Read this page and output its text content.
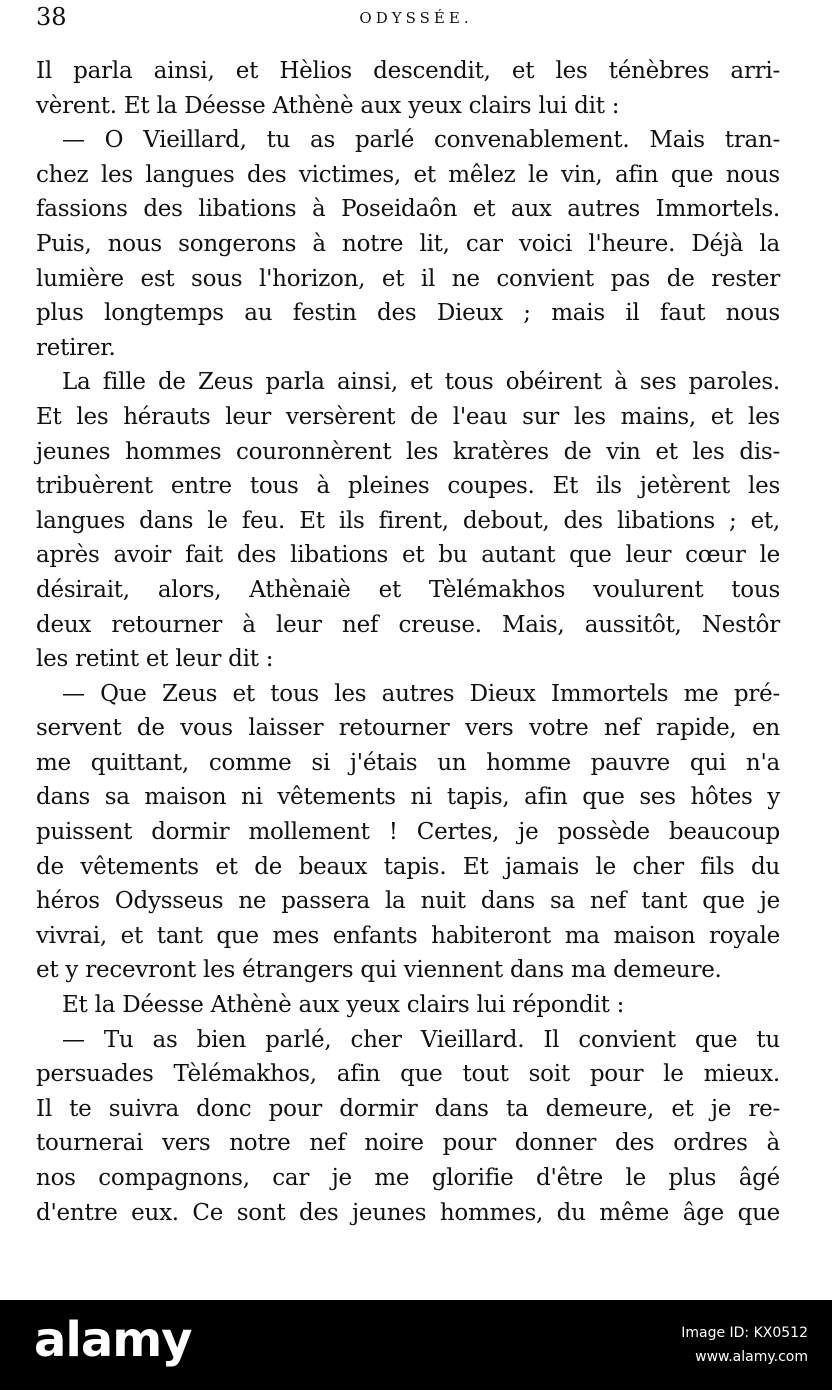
38	ODYSSÉE.
Il parla ainsi, et Hèlios descendit, et les ténèbres arri-
vèrent. Et la Déesse Athènè aux yeux clairs lui dit :
— O Vieillard, tu as parlé convenablement. Mais tran-
chez les langues des victimes, et mêlez le vin, afin que nous
fassions des libations à Poseidaôn et aux autres Immortels.
Puis, nous songerons à notre lit, car voici l'heure. Déjà la
lumière est sous l'horizon, et il ne convient pas de rester
plus longtemps au festin des Dieux ; mais il faut nous
retirer.
La fille de Zeus parla ainsi, et tous obéirent à ses paroles.
Et les hérauts leur versèrent de l'eau sur les mains, et les
jeunes hommes couronnèrent les kratères de vin et les dis-
tribuèrent entre tous à pleines coupes. Et ils jetèrent les
langues dans le feu. Et ils firent, debout, des libations ; et,
après avoir fait des libations et bu autant que leur cœur le
désirait, alors, Athènaiè et Tèlémakhos voulurent tous
deux retourner à leur nef creuse. Mais, aussitôt, Nestôr
les retint et leur dit :
— Que Zeus et tous les autres Dieux Immortels me pré-
servent de vous laisser retourner vers votre nef rapide, en
me quittant, comme si j'étais un homme pauvre qui n'a
dans sa maison ni vêtements ni tapis, afin que ses hôtes y
puissent dormir mollement ! Certes, je possède beaucoup
de vêtements et de beaux tapis. Et jamais le cher fils du
héros Odysseus ne passera la nuit dans sa nef tant que je
vivrai, et tant que mes enfants habiteront ma maison royale
et y recevront les étrangers qui viennent dans ma demeure.
Et la Déesse Athènè aux yeux clairs lui répondit :
— Tu as bien parlé, cher Vieillard. Il convient que tu
persuades Tèlémakhos, afin que tout soit pour le mieux.
Il te suivra donc pour dormir dans ta demeure, et je re-
tournerai vers notre nef noire pour donner des ordres à
nos compagnons, car je me glorifie d'être le plus âgé
d'entre eux. Ce sont des jeunes hommes, du même âge que
alamy	Image ID: KX0512
www.alamy.com
